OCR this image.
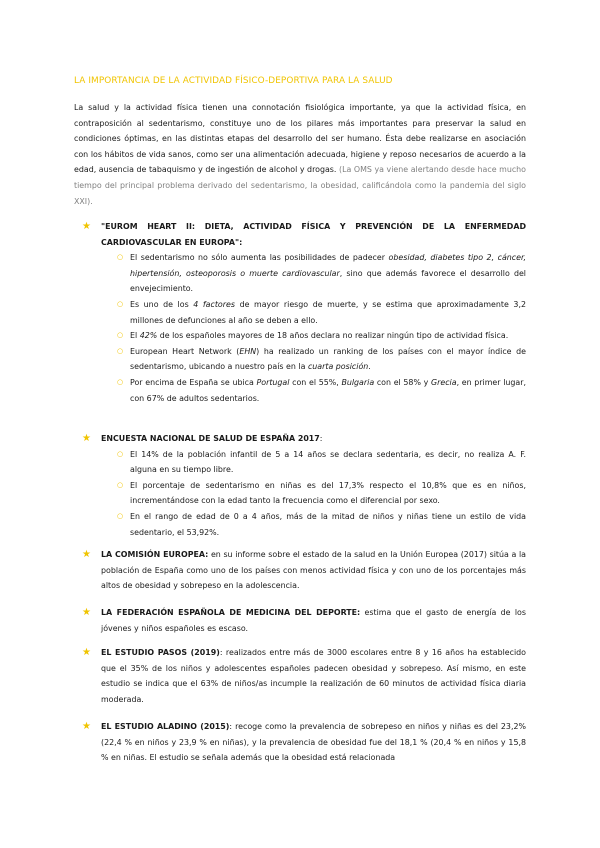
LA IMPORTANCIA DE LA ACTIVIDAD FÍSICO-DEPORTIVA PARA LA SALUD
La salud y la actividad física tienen una connotación fisiológica importante, ya que la actividad física, en contraposición al sedentarismo, constituye uno de los pilares más importantes para preservar la salud en condiciones óptimas, en las distintas etapas del desarrollo del ser humano. Ésta debe realizarse en asociación con los hábitos de vida sanos, como ser una alimentación adecuada, higiene y reposo necesarios de acuerdo a la edad, ausencia de tabaquismo y de ingestión de alcohol y drogas. (La OMS ya viene alertando desde hace mucho tiempo del principal problema derivado del sedentarismo, la obesidad, calificándola como la pandemia del siglo XXI).
★ "EUROM HEART II: DIETA, ACTIVIDAD FÍSICA Y PREVENCIÓN DE LA ENFERMEDAD CARDIOVASCULAR EN EUROPA":
○ El sedentarismo no sólo aumenta las posibilidades de padecer obesidad, diabetes tipo 2, cáncer, hipertensión, osteoporosis o muerte cardiovascular, sino que además favorece el desarrollo del envejecimiento.
○ Es uno de los 4 factores de mayor riesgo de muerte, y se estima que aproximadamente 3,2 millones de defunciones al año se deben a ello.
○ El 42% de los españoles mayores de 18 años declara no realizar ningún tipo de actividad física.
○ European Heart Network (EHN) ha realizado un ranking de los países con el mayor índice de sedentarismo, ubicando a nuestro país en la cuarta posición.
○ Por encima de España se ubica Portugal con el 55%, Bulgaria con el 58% y Grecia, en primer lugar, con 67% de adultos sedentarios.
★ ENCUESTA NACIONAL DE SALUD DE ESPAÑA 2017:
○ El 14% de la población infantil de 5 a 14 años se declara sedentaria, es decir, no realiza A. F. alguna en su tiempo libre.
○ El porcentaje de sedentarismo en niñas es del 17,3% respecto el 10,8% que es en niños, incrementándose con la edad tanto la frecuencia como el diferencial por sexo.
○ En el rango de edad de 0 a 4 años, más de la mitad de niños y niñas tiene un estilo de vida sedentario, el 53,92%.
★ LA COMISIÓN EUROPEA: en su informe sobre el estado de la salud en la Unión Europea (2017) sitúa a la población de España como uno de los países con menos actividad física y con uno de los porcentajes más altos de obesidad y sobrepeso en la adolescencia.
★ LA FEDERACIÓN ESPAÑOLA DE MEDICINA DEL DEPORTE: estima que el gasto de energía de los jóvenes y niños españoles es escaso.
★ EL ESTUDIO PASOS (2019): realizados entre más de 3000 escolares entre 8 y 16 años ha establecido que el 35% de los niños y adolescentes españoles padecen obesidad y sobrepeso. Así mismo, en este estudio se indica que el 63% de niños/as incumple la realización de 60 minutos de actividad física diaria moderada.
★ EL ESTUDIO ALADINO (2015): recoge como la prevalencia de sobrepeso en niños y niñas es del 23,2% (22,4 % en niños y 23,9 % en niñas), y la prevalencia de obesidad fue del 18,1 % (20,4 % en niños y 15,8 % en niñas. El estudio se señala además que la obesidad está relacionada
